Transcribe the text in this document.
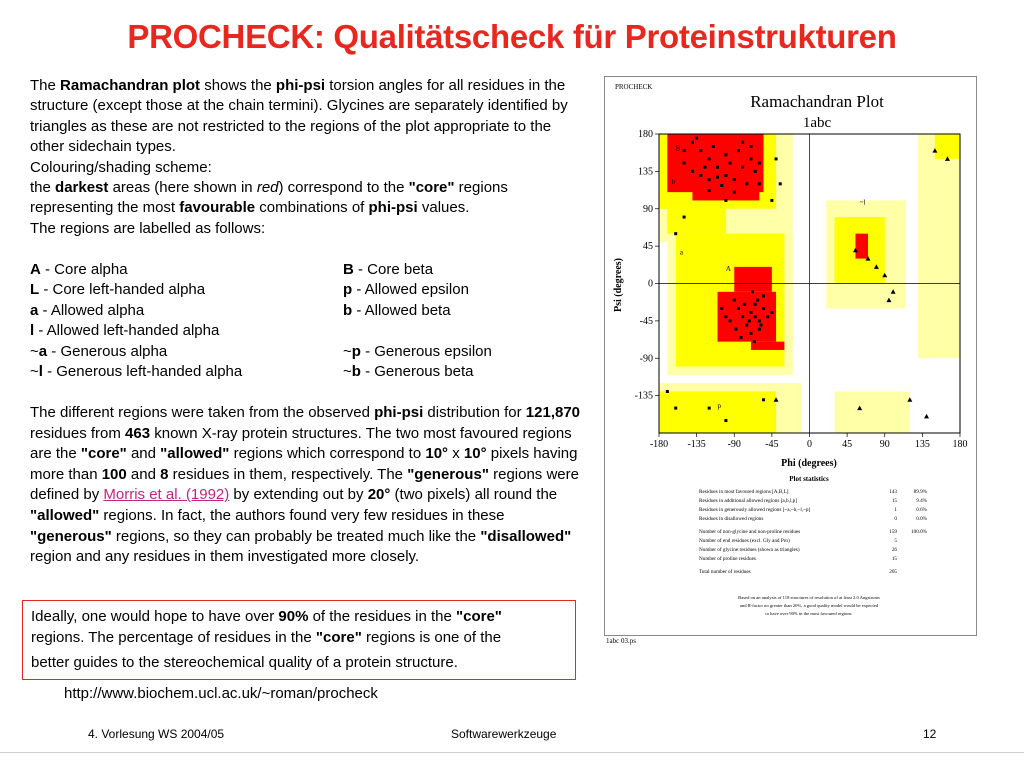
PROCHECK: Qualitätscheck für Proteinstrukturen

The Ramachandran plot shows the phi-psi torsion angles for all residues in the structure (except those at the chain termini). Glycines are separately identified by triangles as these are not restricted to the regions of the plot appropriate to the other sidechain types.

Colouring/shading scheme:

the darkest areas (here shown in red) correspond to the "core" regions representing the most favourable combinations of phi-psi values.

The regions are labelled as follows:

A - Core alpha	B - Core beta
L - Core left-handed alpha	p - Allowed epsilon
a - Allowed alpha	b - Allowed beta
l - Allowed left-handed alpha
~a - Generous alpha	~p - Generous epsilon
~l - Generous left-handed alpha	~b - Generous beta
The different regions were taken from the observed phi-psi distribution for 121,870 residues from 463 known X-ray protein structures. The two most favoured regions are the "core" and "allowed" regions which correspond to 10° x 10° pixels having more than 100 and 8 residues in them, respectively. The "generous" regions were defined by Morris et al. (1992) by extending out by 20° (two pixels) all round the "allowed" regions. In fact, the authors found very few residues in these "generous" regions, so they can probably be treated much like the "disallowed" region and any residues in them investigated more closely.
Ideally, one would hope to have over 90% of the residues in the "core"
regions. The percentage of residues in the "core" regions is one of the
better guides to the stereochemical quality of a protein structure.
http://www.biochem.ucl.ac.uk/~roman/procheck
4. Vorlesung WS 2004/05	Softwarewerkzeuge	12
PROCHECK
Ramachandran Plot
1abc
-180 -135 -90 -45	0	45	90	135 180
180
135
90
45
0
-45
-90
-135
B
b
A
a
~l
p
Phi (degrees)
Psi (degrees)
Plot statistics
Residues in most favoured regions [A,B,L]	143	89.9%
Residues in additional allowed regions [a,b,l,p]	15	9.4%
Residues in generously allowed regions [~a,~b,~l,~p]	1	0.6%
Residues in disallowed regions	0	0.0%
Number of non-glycine and non-proline residues	159	100.0%
Number of end residues (excl. Gly and Pro)	5
Number of glycine residues (shown as triangles)	26
Number of proline residues	15
Total number of residues	205
Based on an analysis of 118 structures of resolution of at least 2.0 Angstroms
and R-factor no greater than 20%, a good quality model would be expected
to have over 90% in the most favoured regions.
1abc 03.ps
